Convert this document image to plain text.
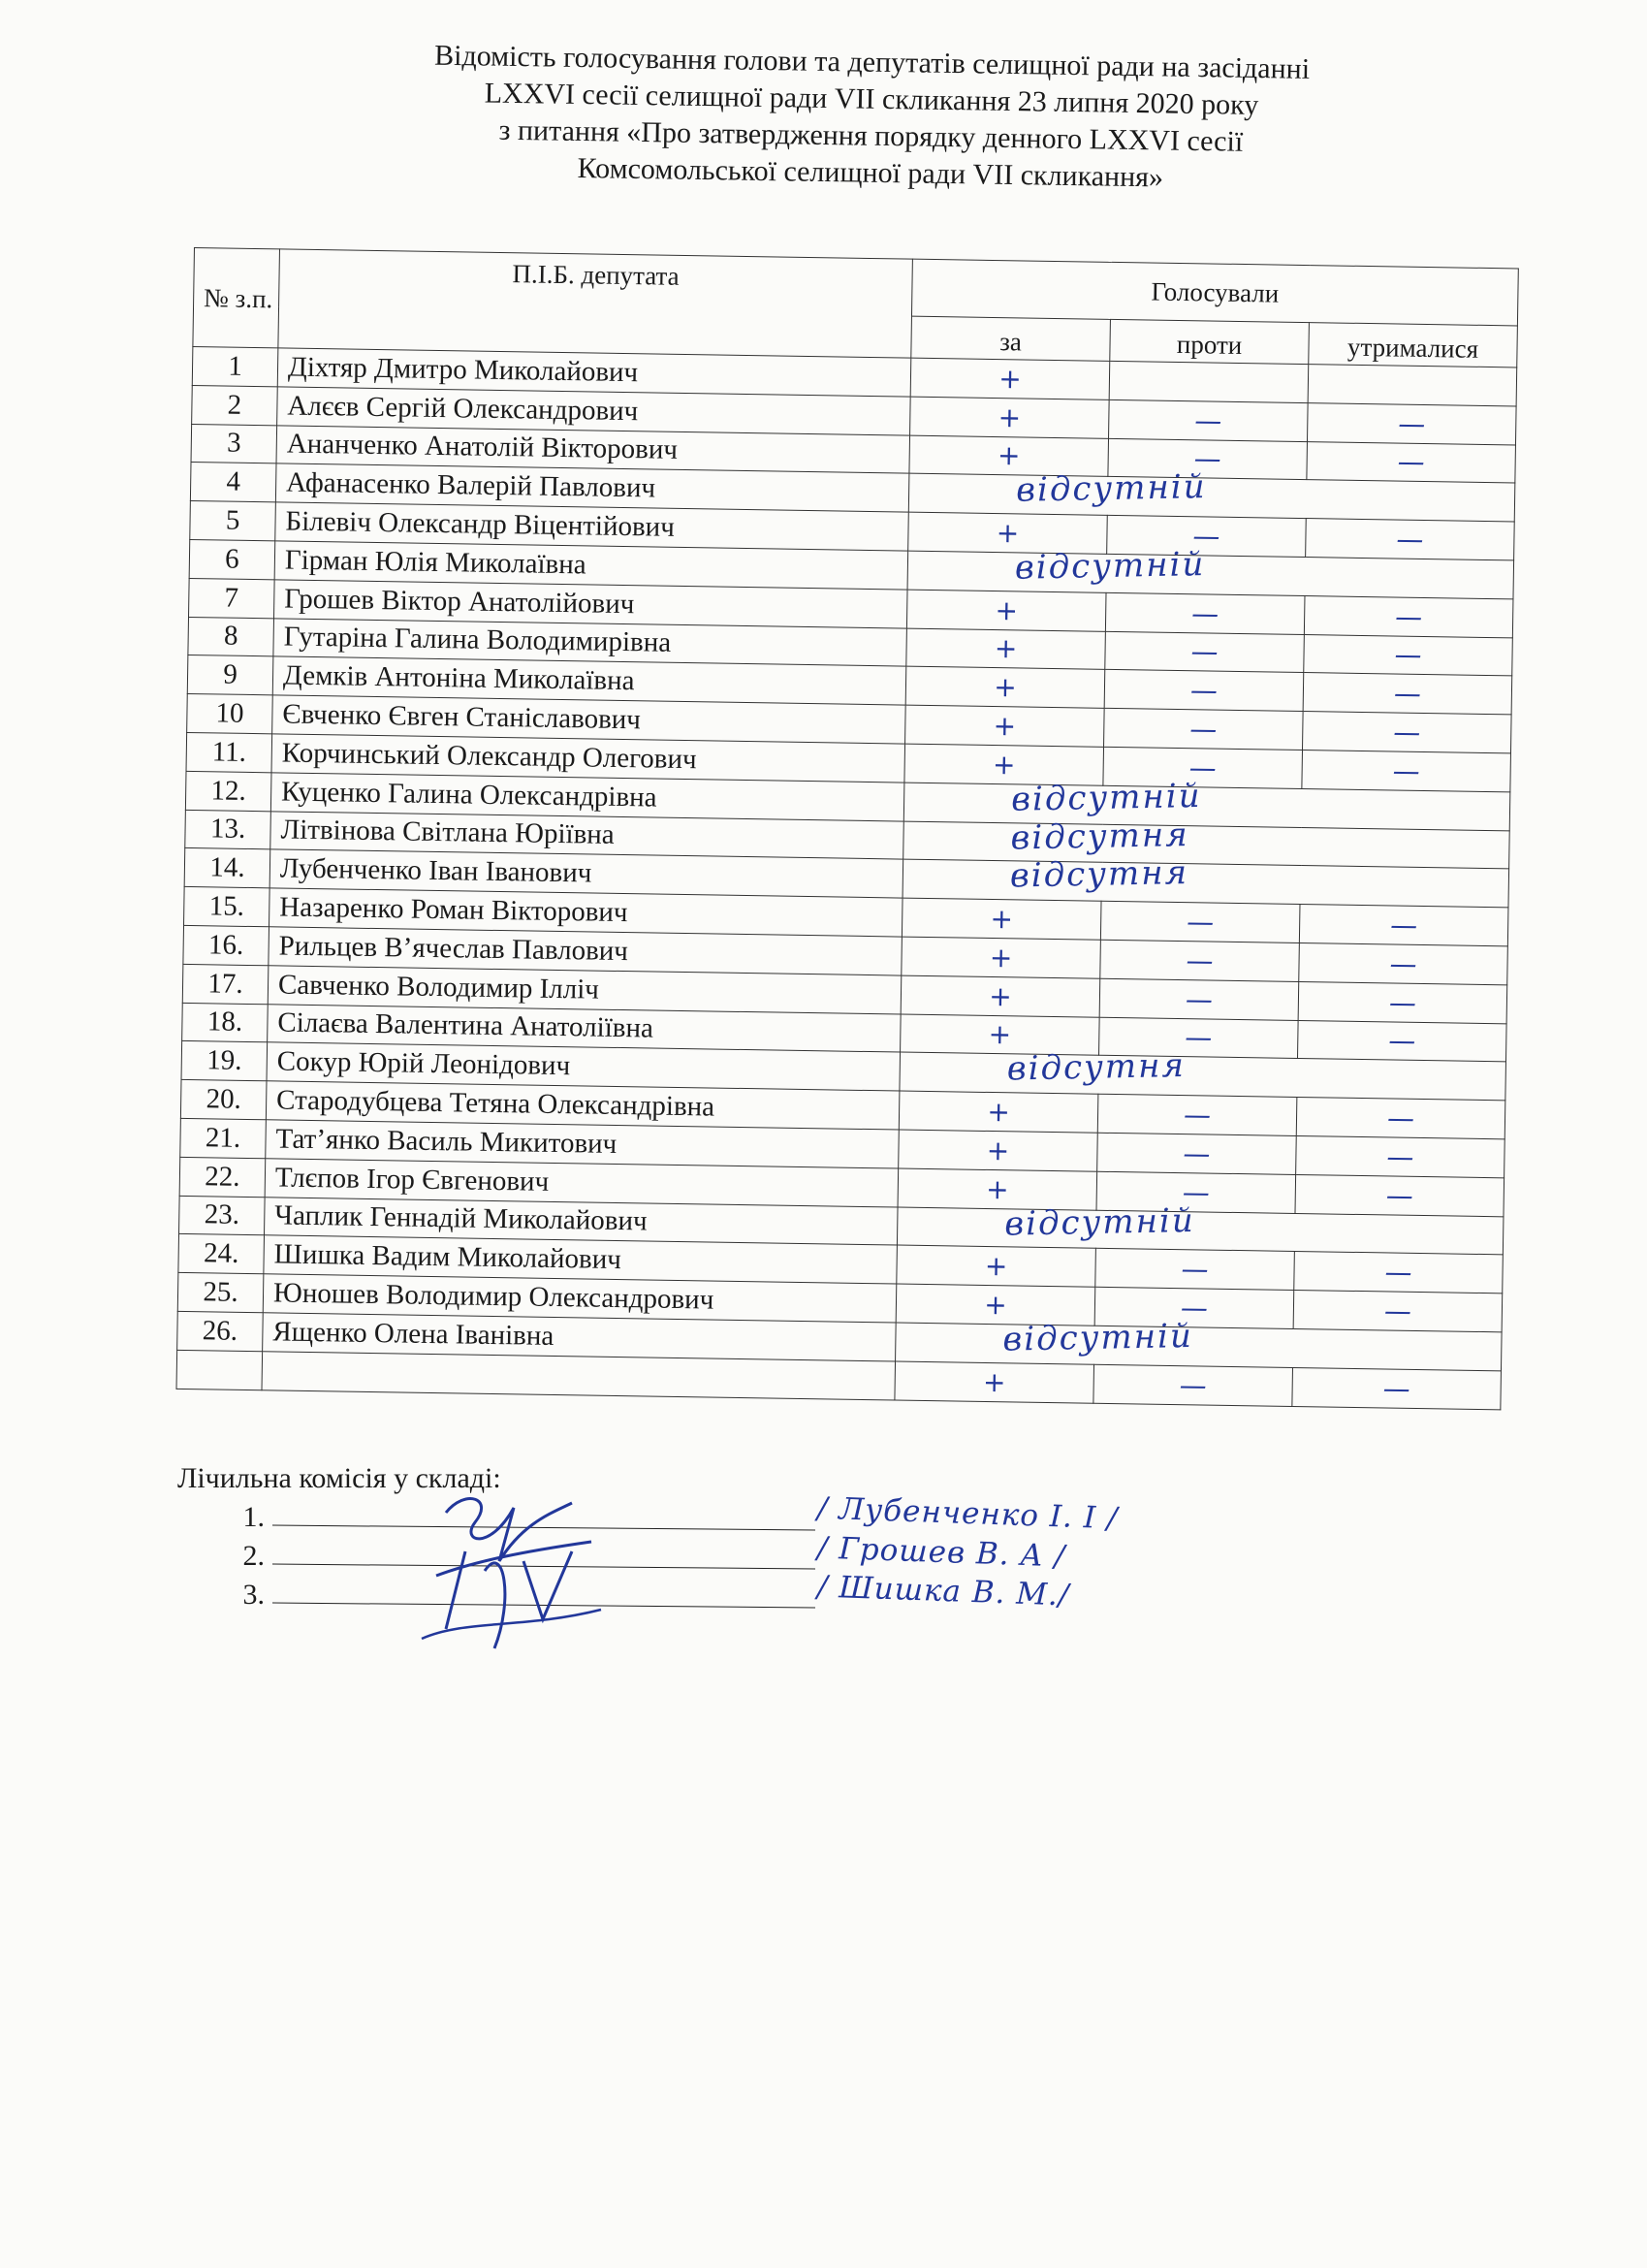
Відомість голосування голови та депутатів селищної ради на засіданні
LXXVI сесії селищної ради VII скликання 23 липня 2020 року
з питання «Про затвердження порядку денного LXXVI сесії
Комсомольської селищної ради VII скликання»
№ з.п.	П.І.Б. депутата	Голосували		
		за	проти	утрималися
1	Діхтяр Дмитро Миколайович	+		
2	Алєєв Сергій Олександрович	+	—	—
3	Ананченко Анатолій Вікторович	+	—	—
4	Афанасенко Валерій Павлович	відсутній		

5	Білевіч Олександр Віцентійович	+	—	—
6	Гірман Юлія Миколаївна	відсутній		

7	Грошев Віктор Анатолійович	+	—	—
8	Гутаріна Галина Володимирівна	+	—	—
9	Демків Антоніна Миколаївна	+	—	—
10	Євченко Євген Станіславович	+	—	—
11.	Корчинський Олександр Олегович	+	—	—
12.	Куценко Галина Олександрівна	відсутній		

13.	Літвінова Світлана Юріївна	відсутня		

14.	Лубенченко Іван Іванович	відсутня		

15.	Назаренко Роман Вікторович	+	—	—
16.	Рильцев В’ячеслав Павлович	+	—	—
17.	Савченко Володимир Ілліч	+	—	—
18.	Сілаєва Валентина Анатоліївна	+	—	—
19.	Сокур Юрій Леонідович	відсутня		

20.	Стародубцева Тетяна Олександрівна	+	—	—
21.	Тат’янко Василь Микитович	+	—	—
22.	Тлєпов Ігор Євгенович	+	—	—
23.	Чаплик Геннадій Миколайович	відсутній		

24.	Шишка Вадим Миколайович	+	—	—
25.	Юношев Володимир Олександрович	+	—	—
26.	Ященко Олена Іванівна	відсутній		

		+	—	—
Лічильна комісія у складі:
1.	/ Лубенченко І. І /
2.	/ Грошев В. А /
3.	/ Шишка В. М./
